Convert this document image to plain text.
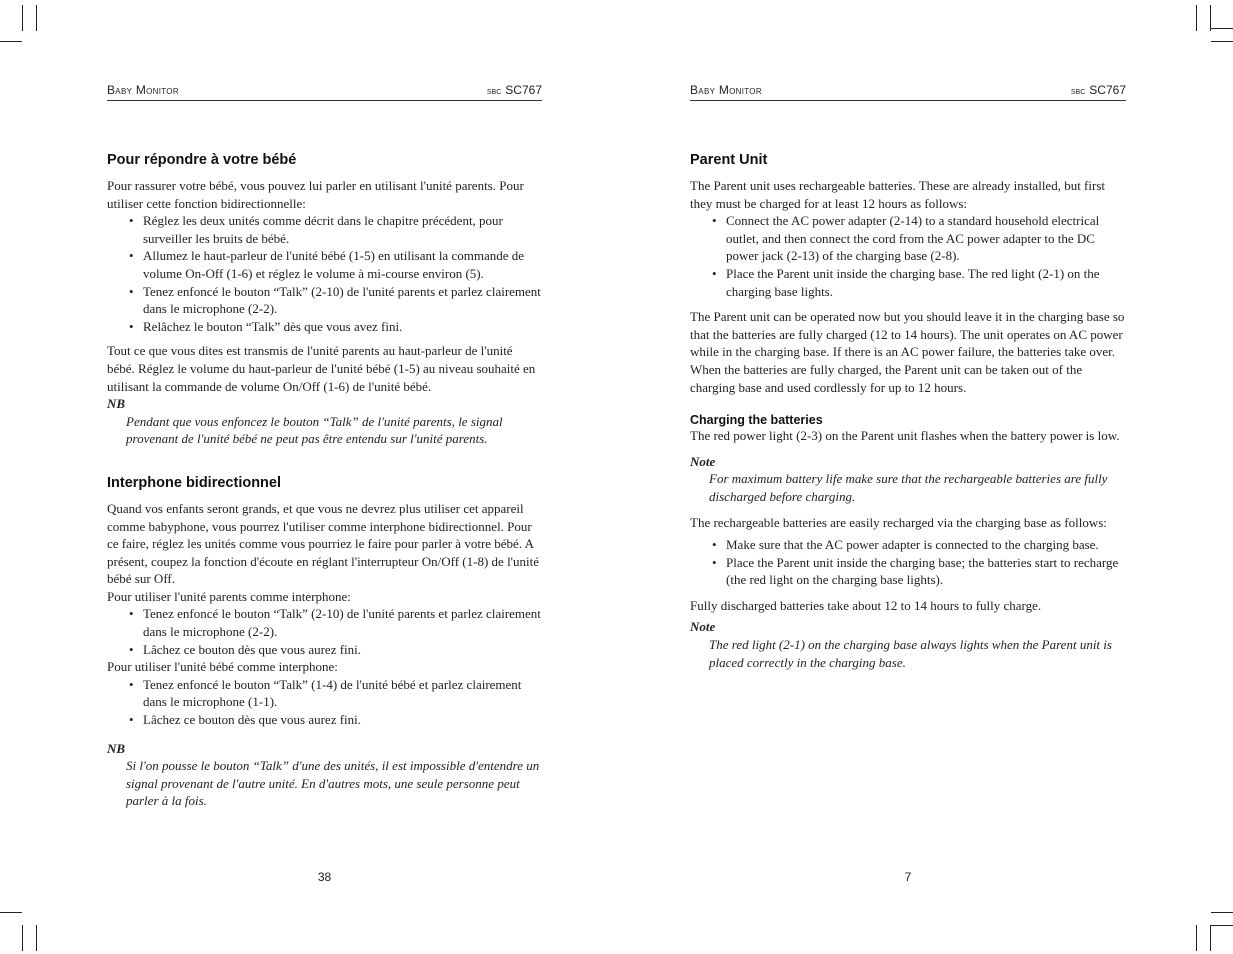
Baby Monitor	sbc SC767
Pour répondre à votre bébé

Pour rassurer votre bébé, vous pouvez lui parler en utilisant l'unité parents. Pour utiliser cette fonction bidirectionnelle:

• Réglez les deux unités comme décrit dans le chapitre précédent, pour surveiller les bruits de bébé.
• Allumez le haut-parleur de l'unité bébé (1-5) en utilisant la commande de volume On-Off (1-6) et réglez le volume à mi-course environ (5).
• Tenez enfoncé le bouton “Talk” (2-10) de l'unité parents et parlez clairement dans le microphone (2-2).
• Relâchez le bouton “Talk” dès que vous avez fini.

Tout ce que vous dites est transmis de l'unité parents au haut-parleur de l'unité bébé. Réglez le volume du haut-parleur de l'unité bébé (1-5) au niveau souhaité en utilisant la commande de volume On/Off (1-6) de l'unité bébé.

NB
Pendant que vous enfoncez le bouton “Talk” de l'unité parents, le signal provenant de l'unité bébé ne peut pas être entendu sur l'unité parents.
Interphone bidirectionnel

Quand vos enfants seront grands, et que vous ne devrez plus utiliser cet appareil comme babyphone, vous pourrez l'utiliser comme interphone bidirectionnel. Pour ce faire, réglez les unités comme vous pourriez le faire pour parler à votre bébé. A présent, coupez la fonction d'écoute en réglant l'interrupteur On/Off (1-8) de l'unité bébé sur Off.

Pour utiliser l'unité parents comme interphone:

• Tenez enfoncé le bouton “Talk” (2-10) de l'unité parents et parlez clairement dans le microphone (2-2).
• Lâchez ce bouton dès que vous aurez fini.

Pour utiliser l'unité bébé comme interphone:

• Tenez enfoncé le bouton “Talk” (1-4) de l'unité bébé et parlez clairement dans le microphone (1-1).
• Lâchez ce bouton dès que vous aurez fini.
NB
Si l'on pousse le bouton “Talk” d'une des unités, il est impossible d'entendre un signal provenant de l'autre unité. En d'autres mots, une seule personne peut parler à la fois.
38
Baby Monitor	sbc SC767
Parent Unit

The Parent unit uses rechargeable batteries. These are already installed, but first they must be charged for at least 12 hours as follows:

• Connect the AC power adapter (2-14) to a standard household electrical outlet, and then connect the cord from the AC power adapter to the DC power jack (2-13) of the charging base (2-8).
• Place the Parent unit inside the charging base. The red light (2-1) on the charging base lights.

The Parent unit can be operated now but you should leave it in the charging base so that the batteries are fully charged (12 to 14 hours). The unit operates on AC power while in the charging base. If there is an AC power failure, the batteries take over.

When the batteries are fully charged, the Parent unit can be taken out of the charging base and used cordlessly for up to 12 hours.

Charging the batteries

The red power light (2-3) on the Parent unit flashes when the battery power is low.

Note
For maximum battery life make sure that the rechargeable batteries are fully discharged before charging.

The rechargeable batteries are easily recharged via the charging base as follows:

• Make sure that the AC power adapter is connected to the charging base.
• Place the Parent unit inside the charging base; the batteries start to recharge (the red light on the charging base lights).

Fully discharged batteries take about 12 to 14 hours to fully charge.

Note
The red light (2-1) on the charging base always lights when the Parent unit is placed correctly in the charging base.
7
